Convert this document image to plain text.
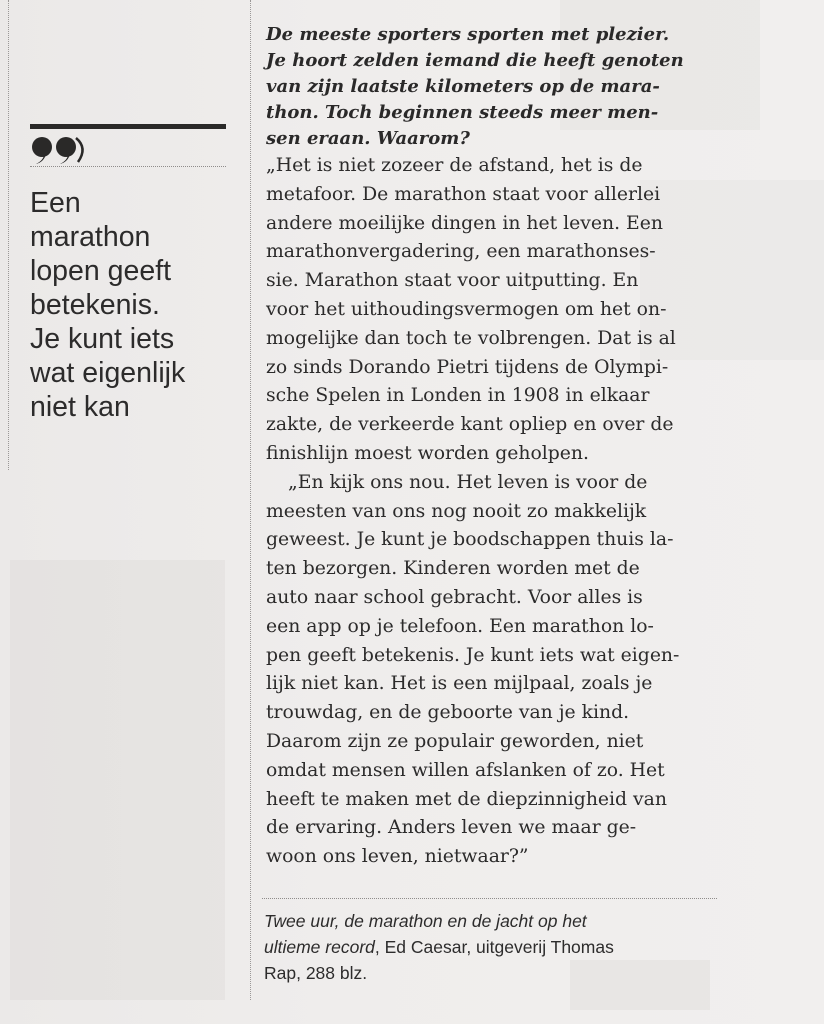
Een
marathon
lopen geeft
betekenis.
Je kunt iets
wat eigenlijk
niet kan

De meeste sporters sporten met plezier.
Je hoort zelden iemand die heeft genoten
van zijn laatste kilometers op de mara-
thon. Toch beginnen steeds meer men-
sen eraan. Waarom?

„Het is niet zozeer de afstand, het is de
metafoor. De marathon staat voor allerlei
andere moeilijke dingen in het leven. Een
marathonvergadering, een marathonses-
sie. Marathon staat voor uitputting. En
voor het uithoudingsvermogen om het on-
mogelijke dan toch te volbrengen. Dat is al
zo sinds Dorando Pietri tijdens de Olympi-
sche Spelen in Londen in 1908 in elkaar
zakte, de verkeerde kant opliep en over de
finishlijn moest worden geholpen.

„En kijk ons nou. Het leven is voor de
meesten van ons nog nooit zo makkelijk
geweest. Je kunt je boodschappen thuis la-
ten bezorgen. Kinderen worden met de
auto naar school gebracht. Voor alles is
een app op je telefoon. Een marathon lo-
pen geeft betekenis. Je kunt iets wat eigen-
lijk niet kan. Het is een mijlpaal, zoals je
trouwdag, en de geboorte van je kind.
Daarom zijn ze populair geworden, niet
omdat mensen willen afslanken of zo. Het
heeft te maken met de diepzinnigheid van
de ervaring. Anders leven we maar ge-
woon ons leven, nietwaar?”

Twee uur, de marathon en de jacht op het
ultieme record, Ed Caesar, uitgeverij Thomas
Rap, 288 blz.
